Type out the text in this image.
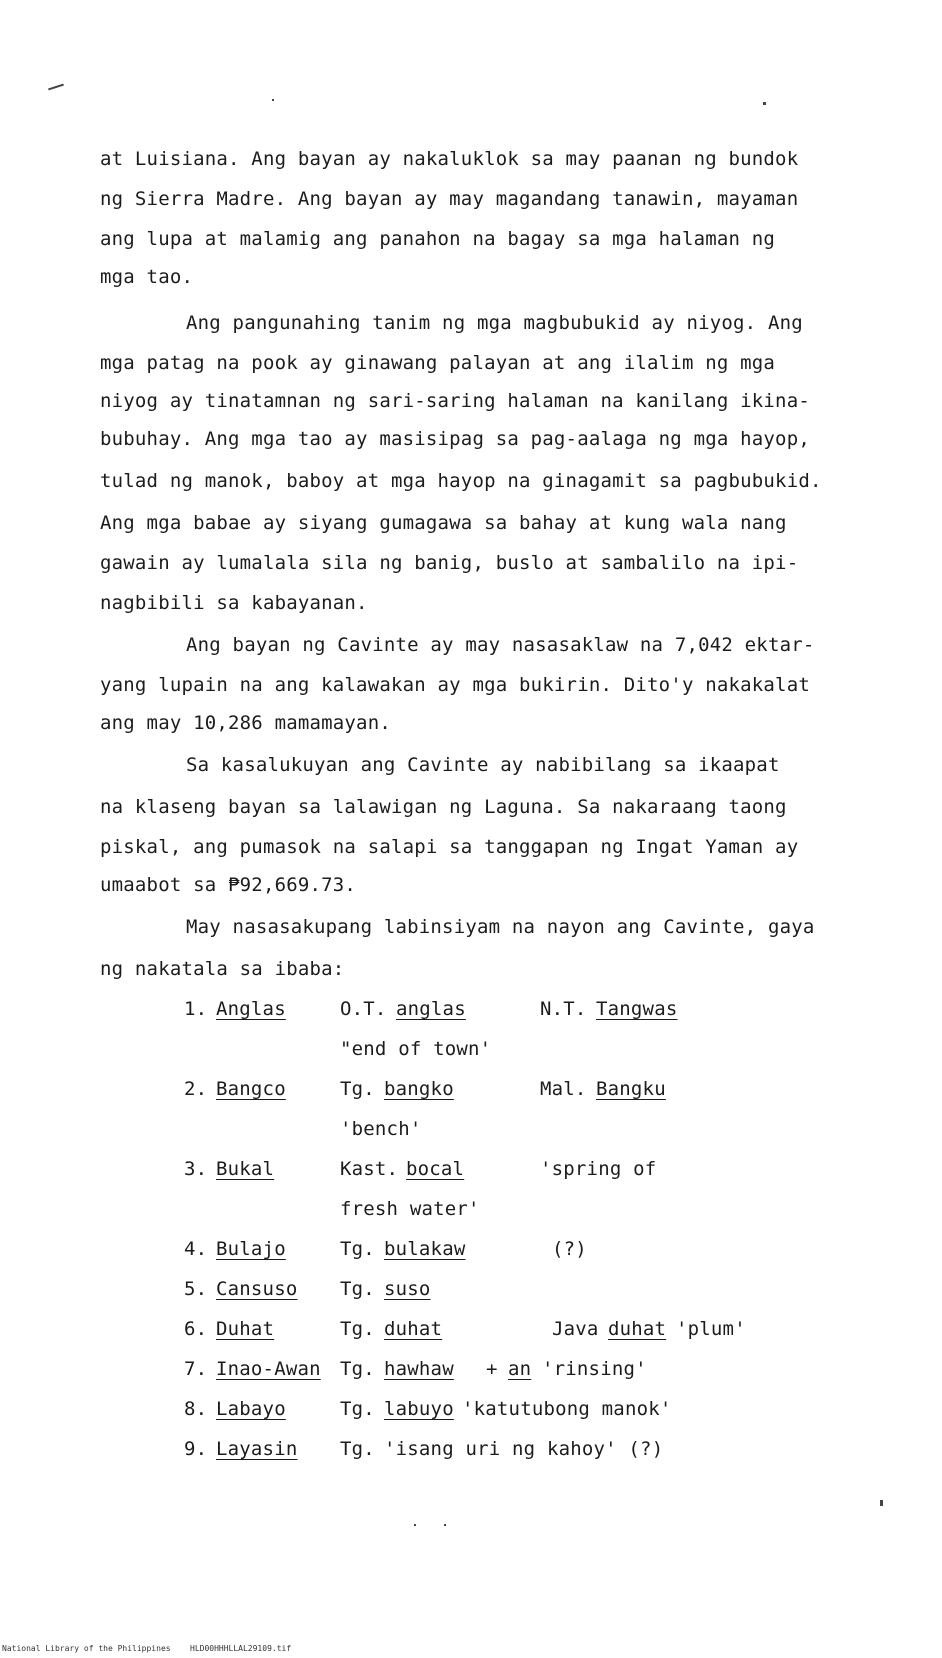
at Luisiana. Ang bayan ay nakaluklok sa may paanan ng bundok
ng Sierra Madre. Ang bayan ay may magandang tanawin, mayaman
ang lupa at malamig ang panahon na bagay sa mga halaman ng
mga tao.
Ang pangunahing tanim ng mga magbubukid ay niyog. Ang
mga patag na pook ay ginawang palayan at ang ilalim ng mga
niyog ay tinatamnan ng sari-saring halaman na kanilang ikina-
bubuhay. Ang mga tao ay masisipag sa pag-aalaga ng mga hayop,
tulad ng manok, baboy at mga hayop na ginagamit sa pagbubukid.
Ang mga babae ay siyang gumagawa sa bahay at kung wala nang
gawain ay lumalala sila ng banig, buslo at sambalilo na ipi-
nagbibili sa kabayanan.
Ang bayan ng Cavinte ay may nasasaklaw na 7,042 ektar-
yang lupain na ang kalawakan ay mga bukirin. Dito'y nakakalat
ang may 10,286 mamamayan.
Sa kasalukuyan ang Cavinte ay nabibilang sa ikaapat
na klaseng bayan sa lalawigan ng Laguna. Sa nakaraang taong
piskal, ang pumasok na salapi sa tanggapan ng Ingat Yaman ay
umaabot sa ₱92,669.73.
May nasasakupang labinsiyam na nayon ang Cavinte, gaya
ng nakatala sa ibaba:
1. Anglas	O.T. anglas	N.T. Tangwas
"end of town'
2. Bangco	Tg. bangko	Mal. Bangku
'bench'
3. Bukal	Kast. bocal	'spring of
fresh water'
4. Bulajo	Tg. bulakaw	(?)
5. Cansuso Tg. suso
6. Duhat	Tg. duhat	Java duhat 'plum'
7. Inao-Awan Tg. hawhaw + an 'rinsing'
8. Labayo	Tg. labuyo 'katutubong manok'
9. Layasin Tg. 'isang uri ng kahoy' (?)
National Library of the Philippines HLD00HHHLLAL29109.tif
